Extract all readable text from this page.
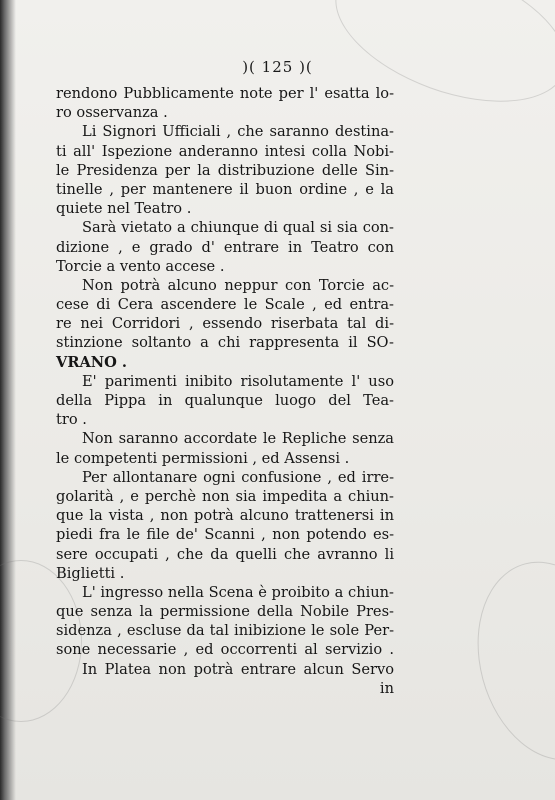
)( 125 )(
rendono Pubblicamente note per l' esatta lo-
ro osservanza .
Li Signori Ufficiali , che saranno destina-
ti all' Ispezione anderanno intesi colla Nobi-
le Presidenza per la distribuzione delle Sin-
tinelle , per mantenere il buon ordine , e la
quiete nel Teatro .
Sarà vietato a chiunque di qual si sia con-
dizione , e grado d' entrare in Teatro con
Torcie a vento accese .
Non potrà alcuno neppur con Torcie ac-
cese di Cera ascendere le Scale , ed entra-
re nei Corridori , essendo riserbata tal di-
stinzione soltanto a chi rappresenta il SO-
VRANO .
E' parimenti inibito risolutamente l' uso
della Pippa in qualunque luogo del Tea-
tro .
Non saranno accordate le Repliche senza
le competenti permissioni , ed Assensi .
Per allontanare ogni confusione , ed irre-
golarità , e perchè non sia impedita a chiun-
que la vista , non potrà alcuno trattenersi in
piedi fra le file de' Scanni , non potendo es-
sere occupati , che da quelli che avranno li
Biglietti .
L' ingresso nella Scena è proibito a chiun-
que senza la permissione della Nobile Pres-
sidenza , escluse da tal inibizione le sole Per-
sone necessarie , ed occorrenti al servizio .
In Platea non potrà entrare alcun Servo
in
